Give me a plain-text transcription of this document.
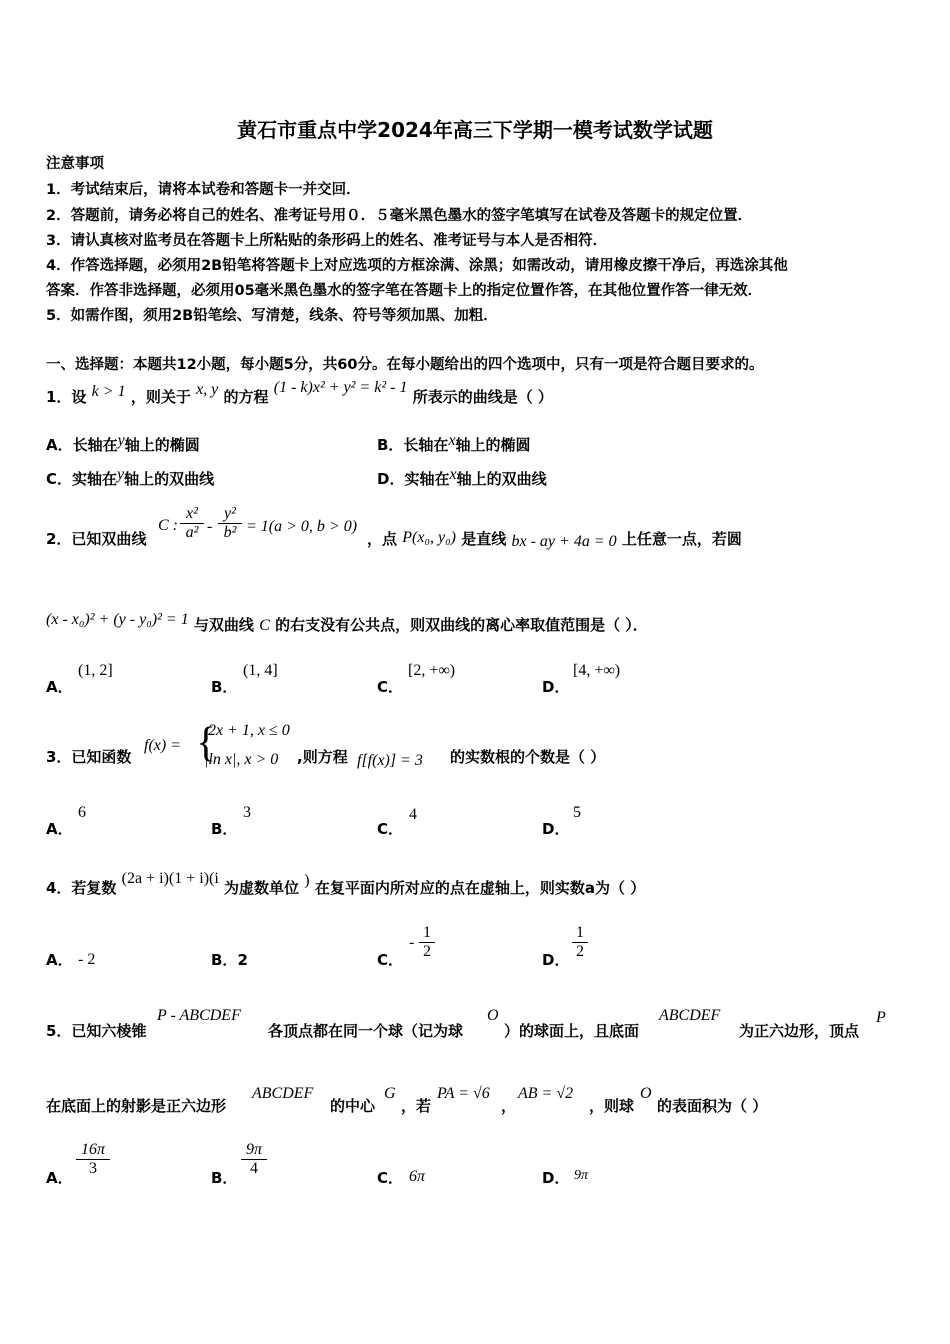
黄石市重点中学2024年高三下学期一模考试数学试题
注意事项
1．考试结束后，请将本试卷和答题卡一并交回．
2．答题前，请务必将自己的姓名、准考证号用０．５毫米黑色墨水的签字笔填写在试卷及答题卡的规定位置．
3．请认真核对监考员在答题卡上所粘贴的条形码上的姓名、准考证号与本人是否相符．
4．作答选择题，必须用2B铅笔将答题卡上对应选项的方框涂满、涂黑；如需改动，请用橡皮擦干净后，再选涂其他
答案．作答非选择题，必须用05毫米黑色墨水的签字笔在答题卡上的指定位置作答，在其他位置作答一律无效．
5．如需作图，须用2B铅笔绘、写清楚，线条、符号等须加黑、加粗．
一、选择题：本题共12小题，每小题5分，共60分。在每小题给出的四个选项中，只有一项是符合题目要求的。
1．设 k > 1 ，则关于 x, y 的方程 (1 - k)x² + y² = k² - 1 所表示的曲线是（ ）
A．长轴在y轴上的椭圆	B．长轴在x轴上的椭圆
C．实轴在y轴上的双曲线	D．实轴在x轴上的双曲线
2．已知双曲线
C :
x²
a² -
y²
b² = 1(a > 0, b > 0)
，点 P(x₀, y₀) 是直线 bx - ay + 4a = 0 上任意一点，若圆
(x - x₀)² + (y - y₀)² = 1 与双曲线 C 的右支没有公共点，则双曲线的离心率取值范围是（ ）．
A．
(1, 2]
B．
(1, 4]
C．
[2, +∞)
D．
[4, +∞)
3．已知函数
f(x) = {
2x + 1, x ≤ 0
|ln x|, x > 0 ,则方程 f[f(x)] = 3 的实数根的个数是（ ）
A．
6
B．
3
C．
4
D．
5
4．若复数 (2a + i)(1 + i)(i 为虚数单位 ) 在复平面内所对应的点在虚轴上，则实数a为（ ）
A． - 2	B．2	C．
-
1
2	D．
1
2
5．已知六棱锥
P - ABCDEF
各顶点都在同一个球（记为球
O
）的球面上，且底面
ABCDEF
为正六边形，顶点
P
在底面上的射影是正六边形
ABCDEF
的中心
G
，若
PA = √6
，
AB = √2
，则球
O
的表面积为（ ）
A．
16π
3
B．
9π
4
C． 6π	D． 9π
